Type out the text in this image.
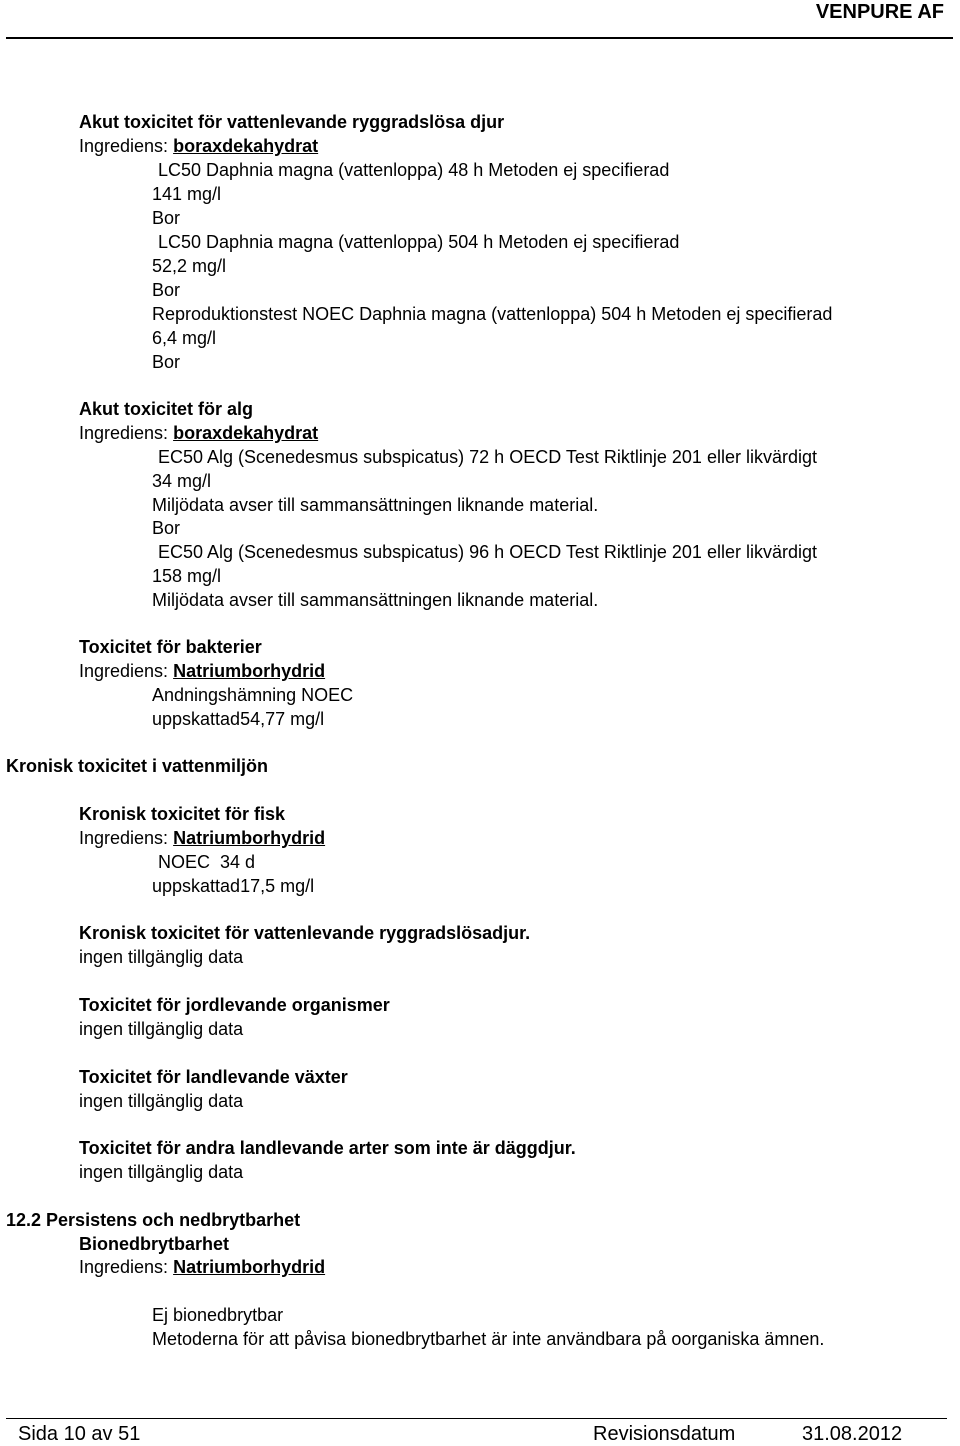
VENPURE AF
Akut toxicitet för vattenlevande ryggradslösa djur
Ingrediens: boraxdekahydrat
LC50 Daphnia magna (vattenloppa) 48 h Metoden ej specifierad
141 mg/l
Bor
LC50 Daphnia magna (vattenloppa) 504 h Metoden ej specifierad
52,2 mg/l
Bor
Reproduktionstest NOEC Daphnia magna (vattenloppa) 504 h Metoden ej specifierad
6,4 mg/l
Bor
Akut toxicitet för alg
Ingrediens: boraxdekahydrat
EC50 Alg (Scenedesmus subspicatus) 72 h OECD Test Riktlinje 201 eller likvärdigt
34 mg/l
Miljödata avser till sammansättningen liknande material.
Bor
EC50 Alg (Scenedesmus subspicatus) 96 h OECD Test Riktlinje 201 eller likvärdigt
158 mg/l
Miljödata avser till sammansättningen liknande material.
Toxicitet för bakterier
Ingrediens: Natriumborhydrid
Andningshämning NOEC
uppskattad54,77 mg/l
Kronisk toxicitet i vattenmiljön
Kronisk toxicitet för fisk
Ingrediens: Natriumborhydrid
NOEC  34 d
uppskattad17,5 mg/l
Kronisk toxicitet för vattenlevande ryggradslösadjur.
ingen tillgänglig data
Toxicitet för jordlevande organismer
ingen tillgänglig data
Toxicitet för landlevande växter
ingen tillgänglig data
Toxicitet för andra landlevande arter som inte är däggdjur.
ingen tillgänglig data
12.2 Persistens och nedbrytbarhet
Bionedbrytbarhet
Ingrediens: Natriumborhydrid
Ej bionedbrytbar
Metoderna för att påvisa bionedbrytbarhet är inte användbara på oorganiska ämnen.
Sida 10 av 51	Revisionsdatum	31.08.2012
